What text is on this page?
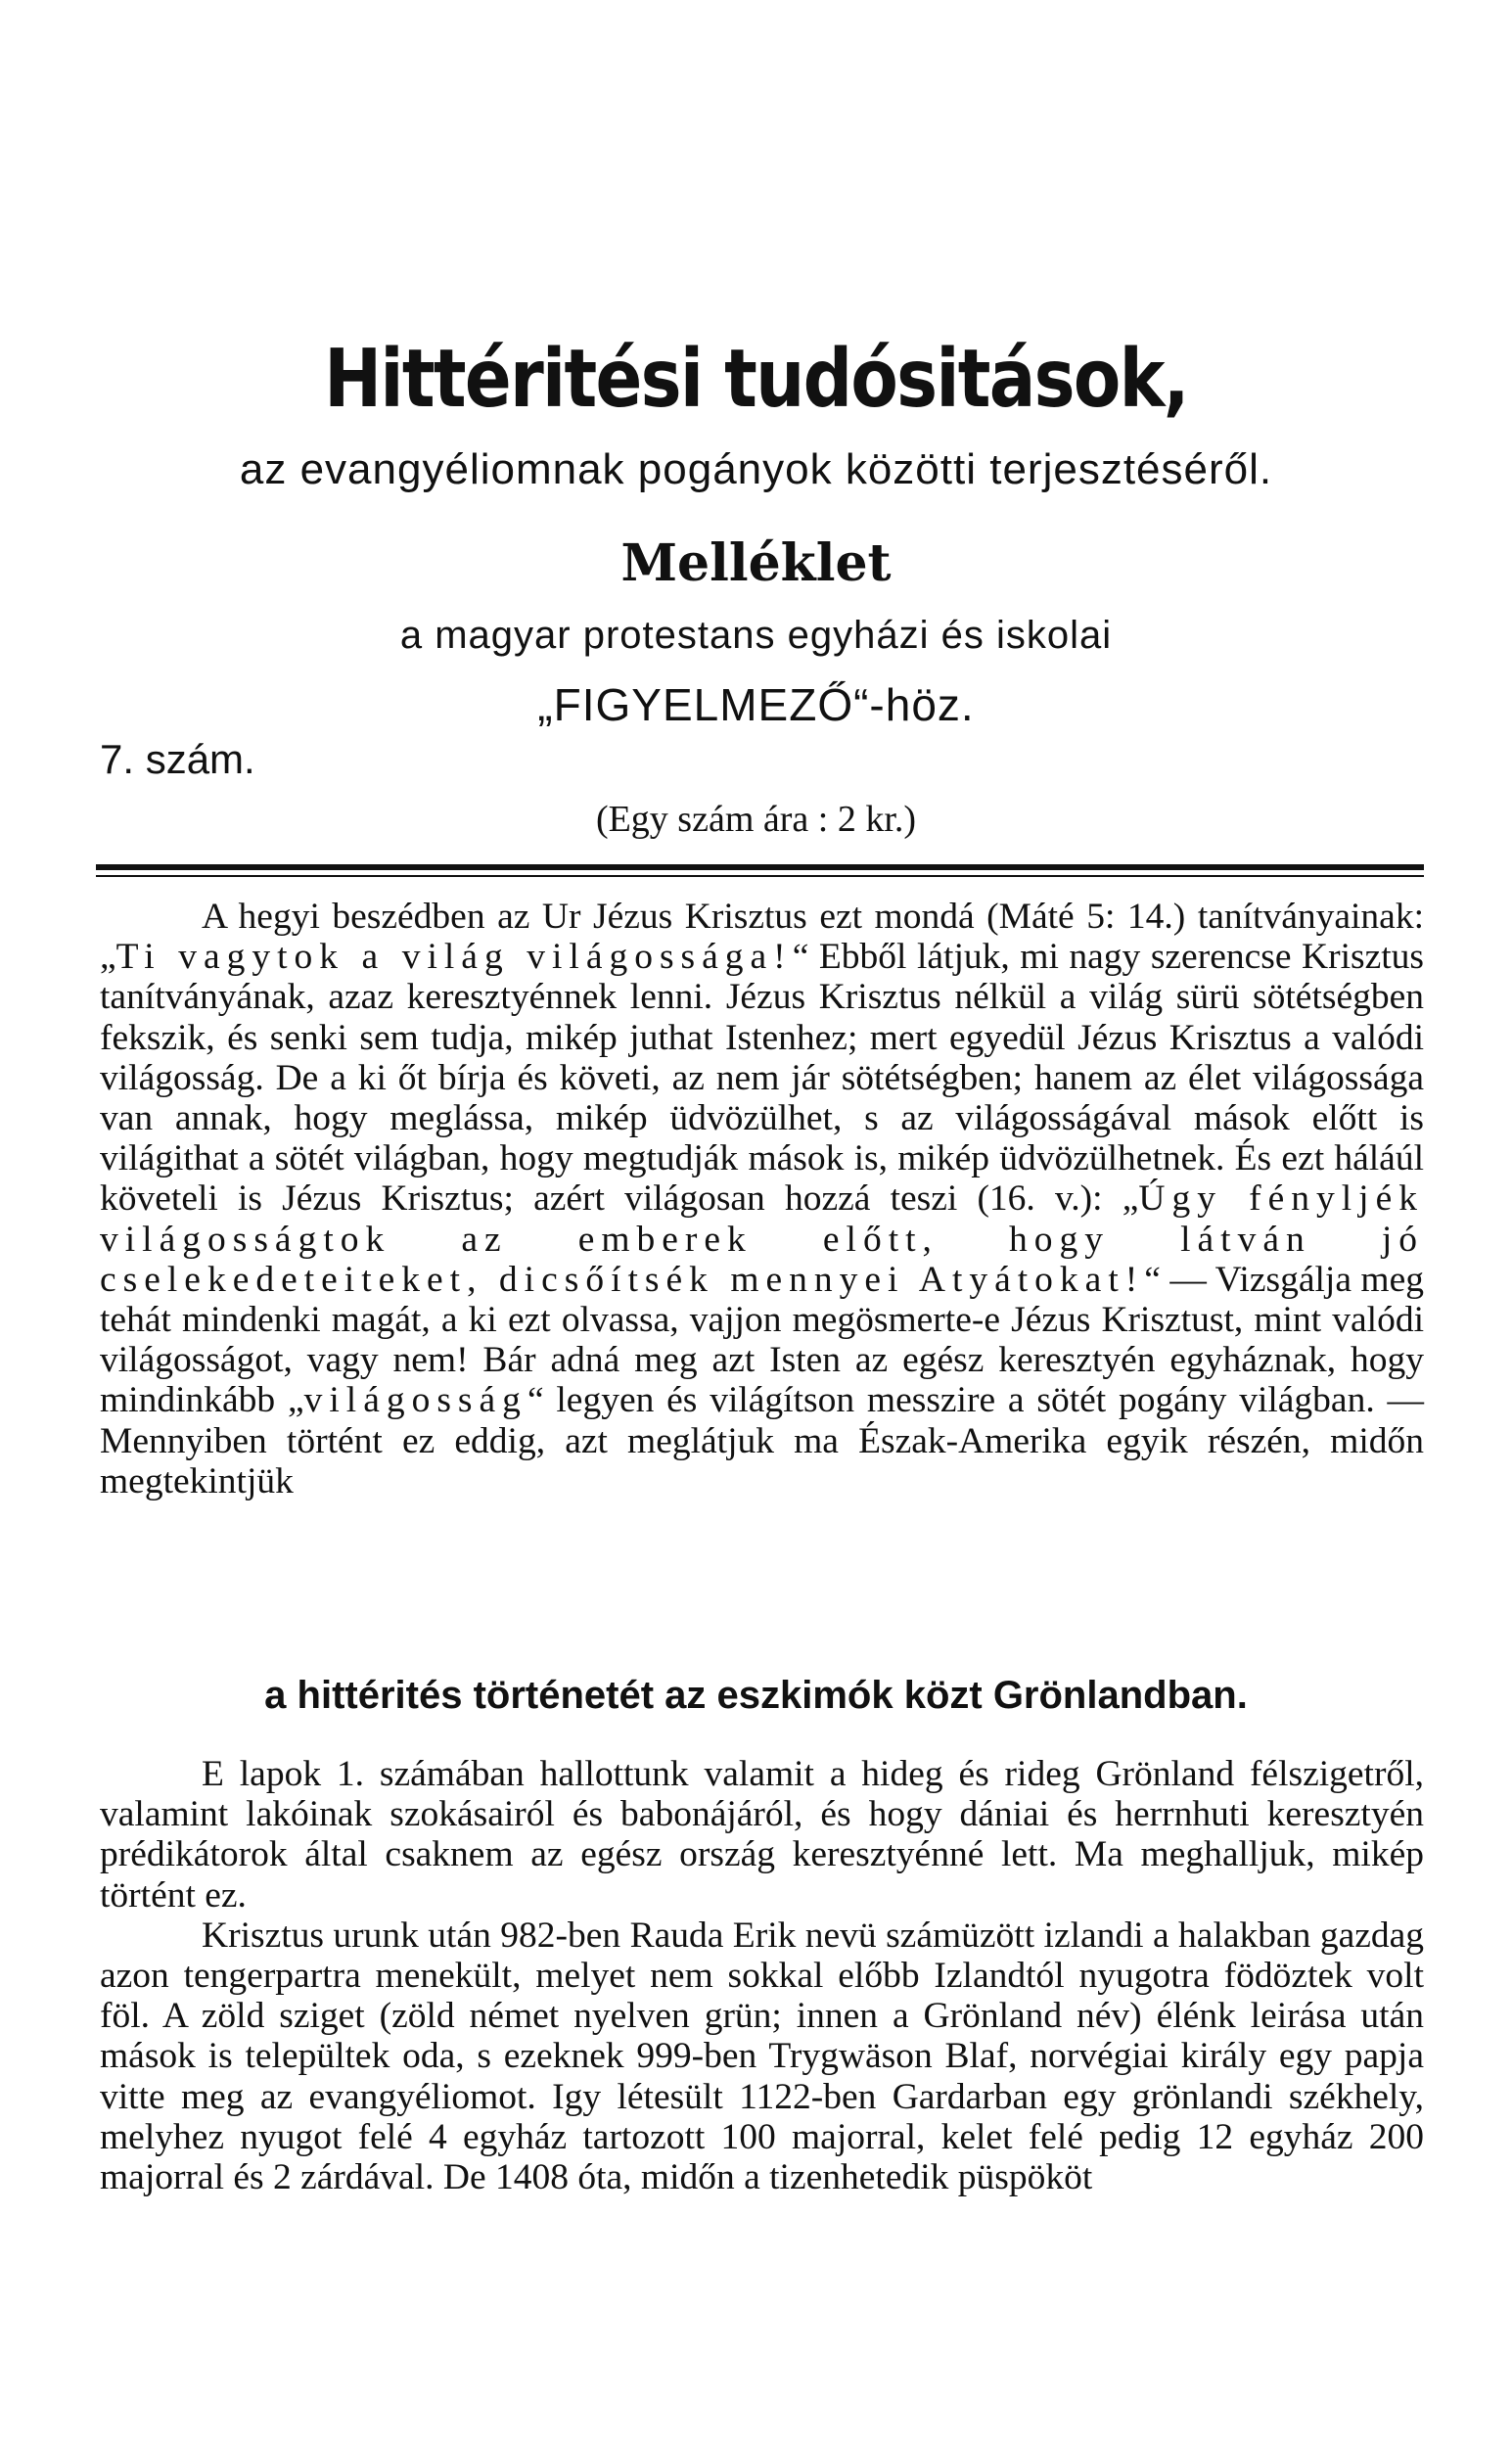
Hittéritési tudósitások,
az evangyéliomnak pogányok közötti terjesztéséről.
Melléklet
a magyar protestans egyházi és iskolai
„FIGYELMEZŐ“-höz.
7. szám.
(Egy szám ára : 2 kr.)

A hegyi beszédben az Ur Jézus Krisztus ezt mondá (Máté 5: 14.) tanítványainak: „Ti vagytok a világ világossága!“ Ebből látjuk, mi nagy szerencse Krisztus tanítványának, azaz keresztyénnek lenni. Jézus Krisztus nélkül a világ sürü sötétségben fekszik, és senki sem tudja, mikép juthat Istenhez; mert egyedül Jézus Krisztus a valódi világosság. De a ki őt bírja és követi, az nem jár sötétségben; hanem az élet világossága van annak, hogy meglássa, mikép üdvözülhet, s az világosságával mások előtt is világithat a sötét világban, hogy megtudják mások is, mikép üdvözülhetnek. És ezt háláúl követeli is Jézus Krisztus; azért világosan hozzá teszi (16. v.): „Úgy fényljék világosságtok az emberek előtt, hogy látván jó cselekedeteiteket, dicsőítsék mennyei Atyátokat!“ — Vizsgálja meg tehát mindenki magát, a ki ezt olvassa, vajjon megösmerte-e Jézus Krisztust, mint valódi világosságot, vagy nem! Bár adná meg azt Isten az egész keresztyén egyháznak, hogy mindinkább „világosság“ legyen és világítson messzire a sötét pogány világban. — Mennyiben történt ez eddig, azt meglátjuk ma Észak-Amerika egyik részén, midőn megtekintjük

a hittérités történetét az eszkimók közt Grönlandban.

E lapok 1. számában hallottunk valamit a hideg és rideg Grönland félszigetről, valamint lakóinak szokásairól és babonájáról, és hogy dániai és herrnhuti keresztyén prédikátorok által csaknem az egész ország keresztyénné lett. Ma meghalljuk, mikép történt ez.

Krisztus urunk után 982-ben Rauda Erik nevü számüzött izlandi a halakban gazdag azon tengerpartra menekült, melyet nem sokkal előbb Izlandtól nyugotra födöztek volt föl. A zöld sziget (zöld német nyelven grün; innen a Grönland név) élénk leirása után mások is települtek oda, s ezeknek 999-ben Trygwäson Blaf, norvégiai király egy papja vitte meg az evangyéliomot. Igy létesült 1122-ben Gardarban egy grönlandi székhely, melyhez nyugot felé 4 egyház tartozott 100 majorral, kelet felé pedig 12 egyház 200 majorral és 2 zárdával. De 1408 óta, midőn a tizenhetedik püspököt
